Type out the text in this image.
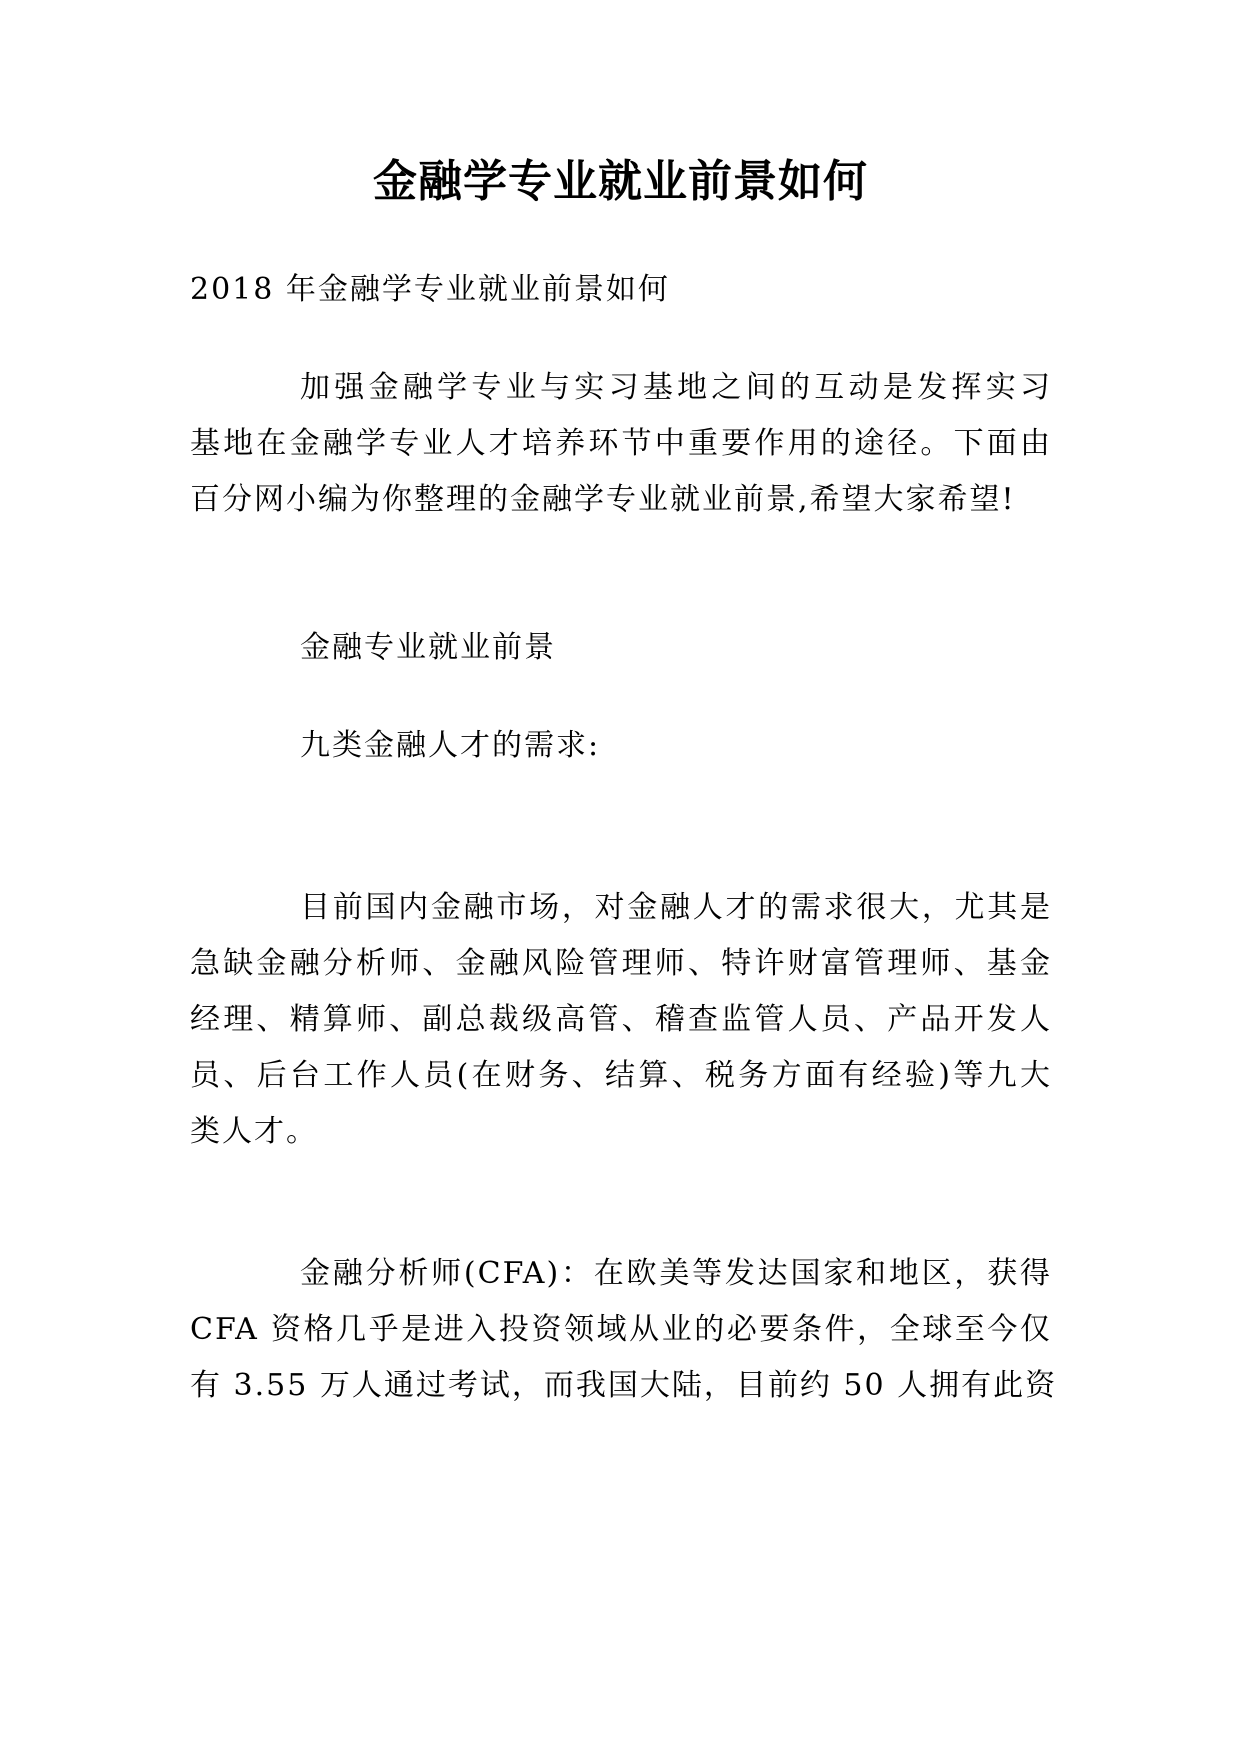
金融学专业就业前景如何
2018 年金融学专业就业前景如何
加强金融学专业与实习基地之间的互动是发挥实习
基地在金融学专业人才培养环节中重要作用的途径。下面由
百分网小编为你整理的金融学专业就业前景,希望大家希望!
金融专业就业前景
九类金融人才的需求:
目前国内金融市场，对金融人才的需求很大，尤其是
急缺金融分析师、金融风险管理师、特许财富管理师、基金
经理、精算师、副总裁级高管、稽查监管人员、产品开发人
员、后台工作人员(在财务、结算、税务方面有经验)等九大
类人才。
金融分析师(CFA)：在欧美等发达国家和地区，获得
CFA 资格几乎是进入投资领域从业的必要条件，全球至今仅
有 3.55 万人通过考试，而我国大陆，目前约 50 人拥有此资
